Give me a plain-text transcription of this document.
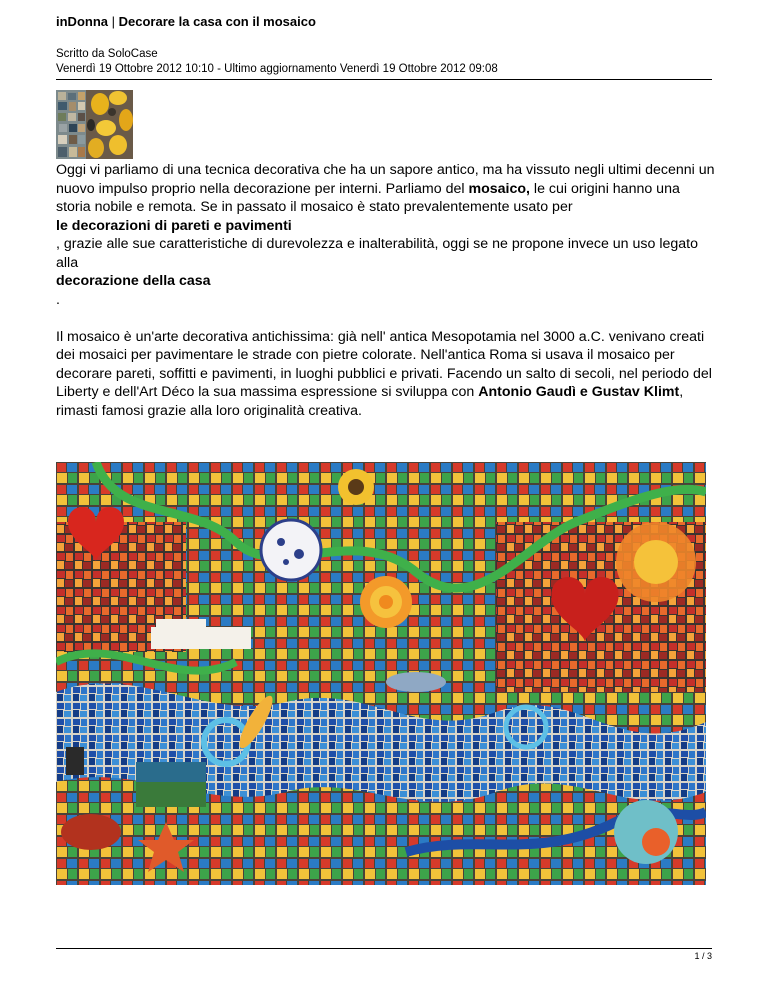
inDonna | Decorare la casa con il mosaico
Scritto da SoloCase
Venerdì 19 Ottobre 2012 10:10 - Ultimo aggiornamento Venerdì 19 Ottobre 2012 09:08

Oggi vi parliamo di una tecnica decorativa che ha un sapore antico, ma ha vissuto negli ultimi decenni un nuovo impulso proprio nella decorazione per interni. Parliamo del mosaico, le cui origini hanno una storia nobile e remota. Se in passato il mosaico è stato prevalentemente usato per
le decorazioni di pareti e pavimenti
, grazie alle sue caratteristiche di durevolezza e inalterabilità, oggi se ne propone invece un uso legato alla
decorazione della casa
.

Il mosaico è un'arte decorativa antichissima: già nell' antica Mesopotamia nel 3000 a.C. venivano creati dei mosaici per pavimentare le strade con pietre colorate. Nell'antica Roma si usava il mosaico per decorare pareti, soffitti e pavimenti, in luoghi pubblici e privati. Facendo un salto di secoli, nel periodo del Liberty e dell'Art Déco la sua massima espressione si sviluppa con Antonio Gaudì e Gustav Klimt, rimasti famosi grazie alla loro originalità creativa.

1 / 3
